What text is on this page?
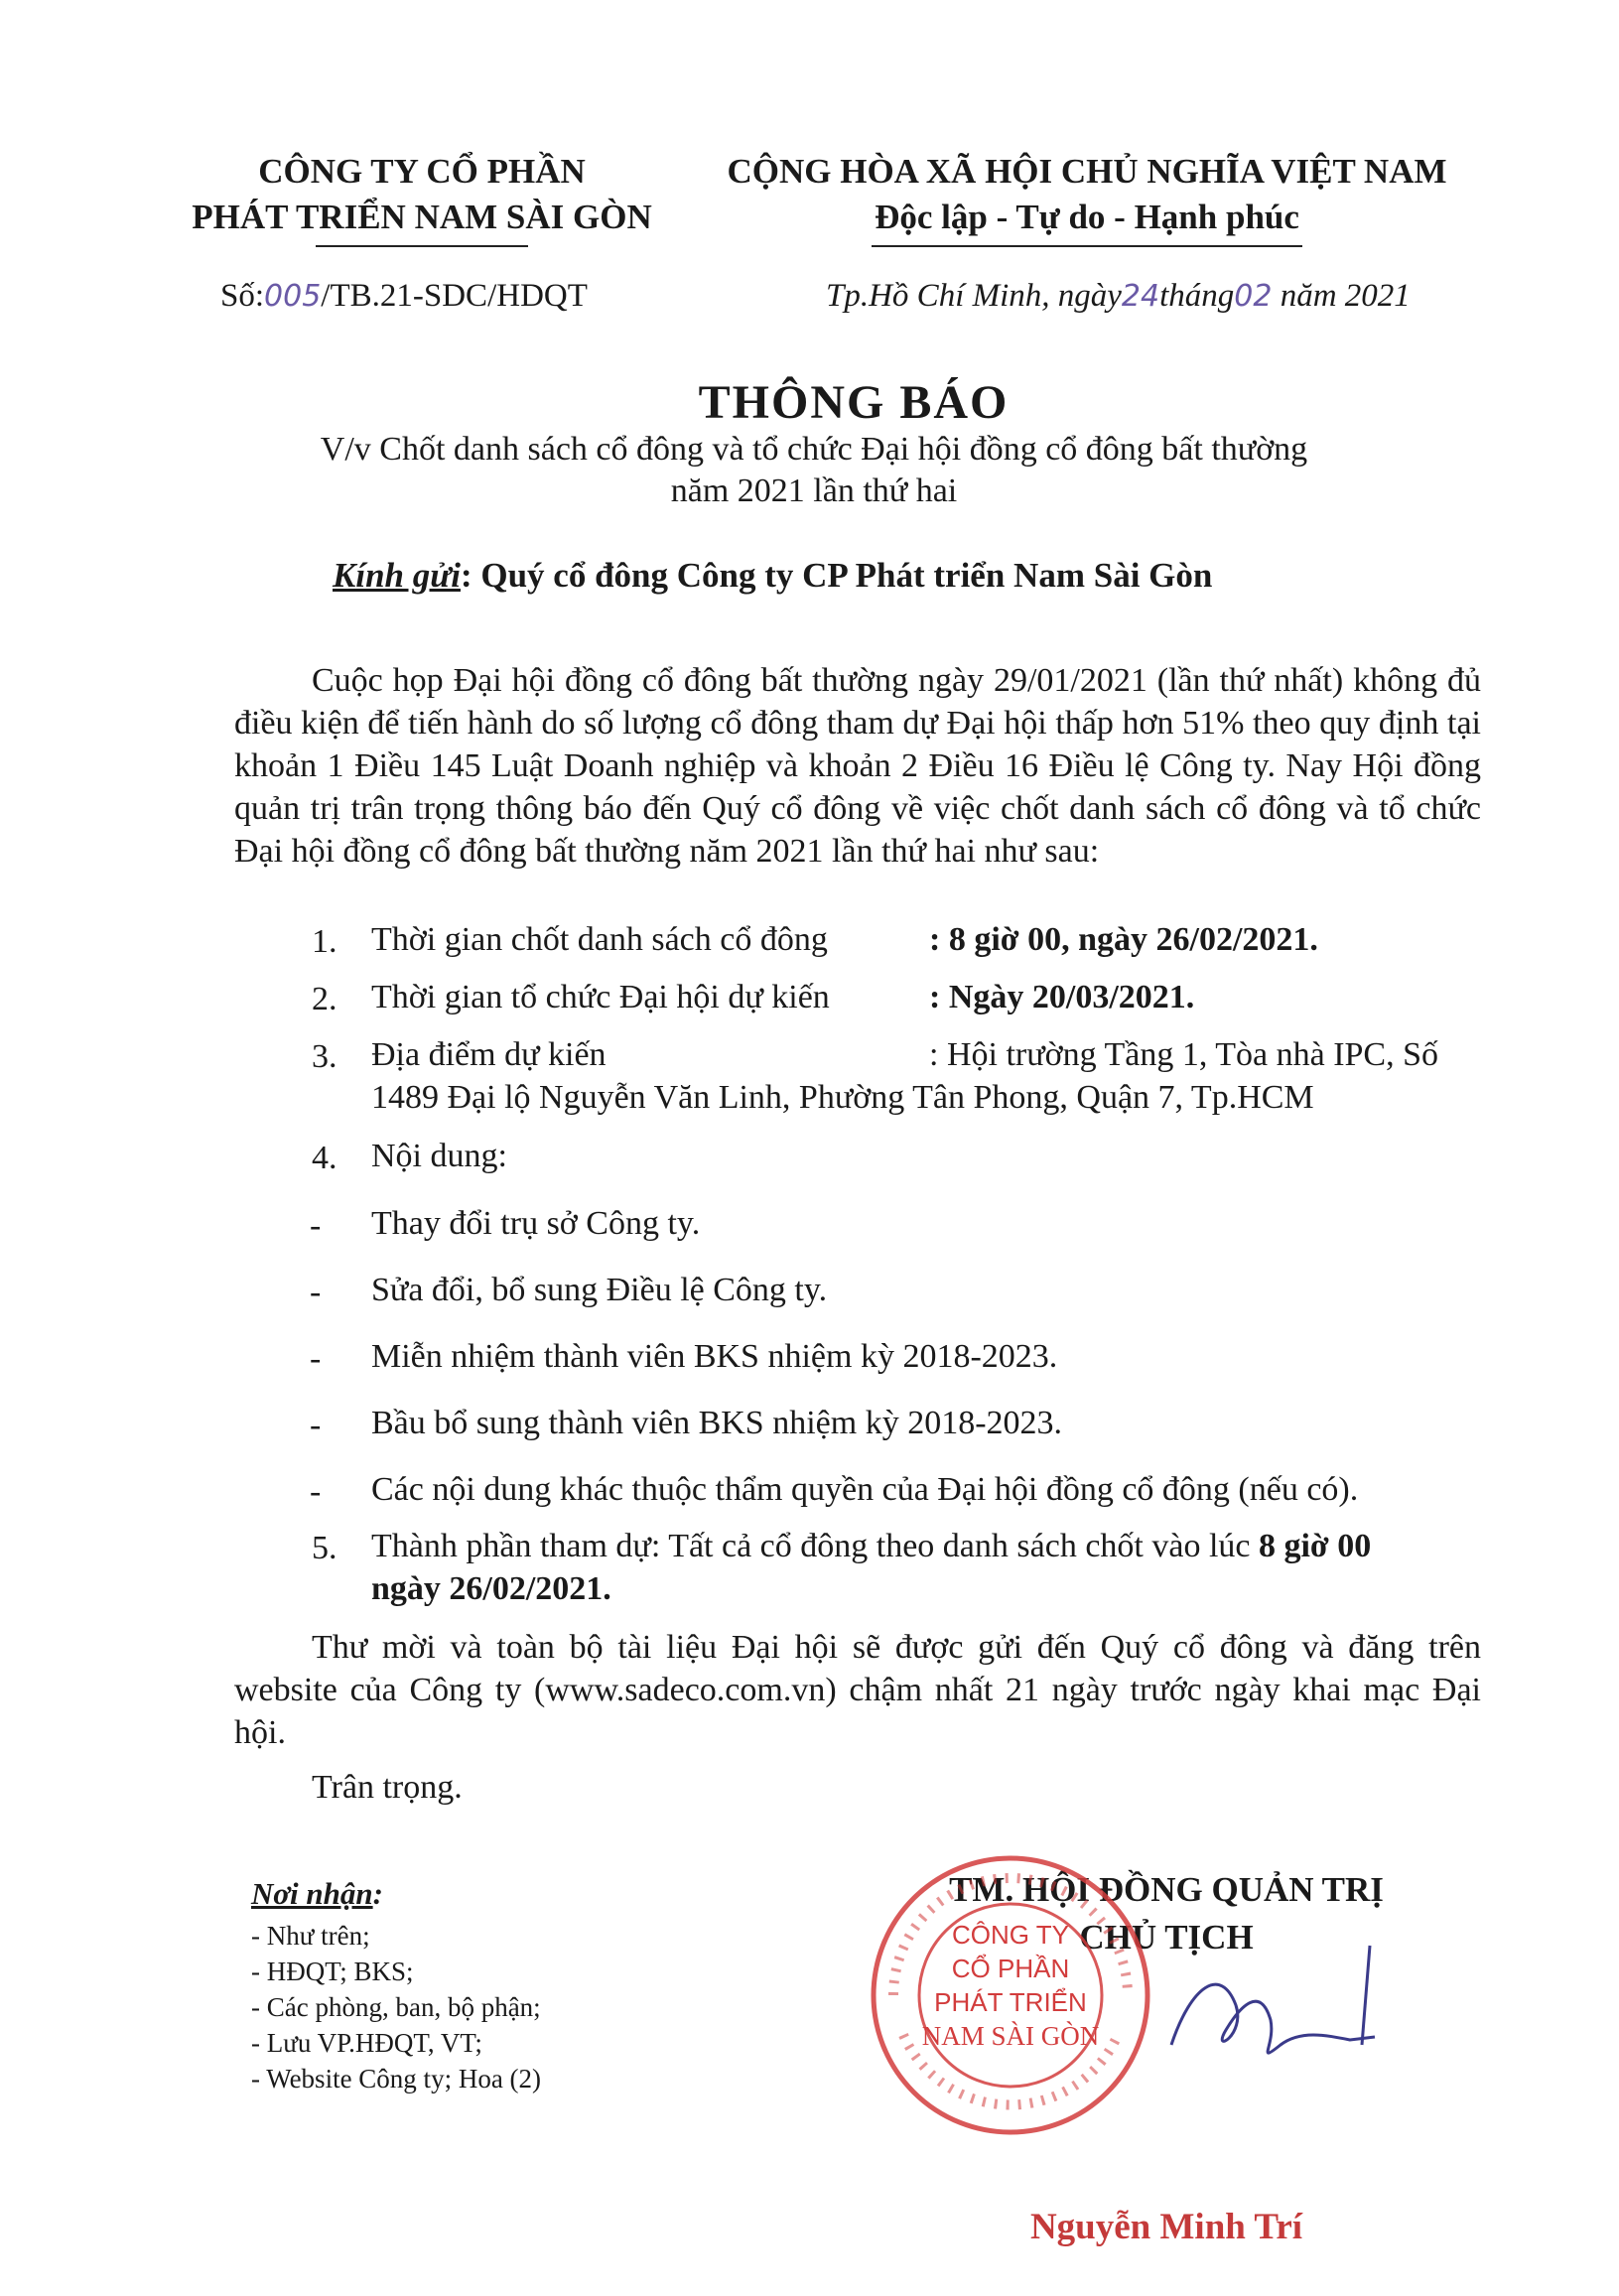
CÔNG TY CỔ PHẦN
PHÁT TRIỂN NAM SÀI GÒN
CỘNG HÒA XÃ HỘI CHỦ NGHĨA VIỆT NAM
Độc lập - Tự do - Hạnh phúc
Số:005/TB.21-SDC/HDQT	Tp.Hồ Chí Minh, ngày24tháng02 năm 2021
THÔNG BÁO
V/v Chốt danh sách cổ đông và tổ chức Đại hội đồng cổ đông bất thường
năm 2021 lần thứ hai
Kính gửi: Quý cổ đông Công ty CP Phát triển Nam Sài Gòn
Cuộc họp Đại hội đồng cổ đông bất thường ngày 29/01/2021 (lần thứ nhất) không đủ điều kiện để tiến hành do số lượng cổ đông tham dự Đại hội thấp hơn 51% theo quy định tại khoản 1 Điều 145 Luật Doanh nghiệp và khoản 2 Điều 16 Điều lệ Công ty. Nay Hội đồng quản trị trân trọng thông báo đến Quý cổ đông về việc chốt danh sách cổ đông và tổ chức Đại hội đồng cổ đông bất thường năm 2021 lần thứ hai như sau:
1. Thời gian chốt danh sách cổ đông	: 8 giờ 00, ngày 26/02/2021.
2. Thời gian tổ chức Đại hội dự kiến	: Ngày 20/03/2021.
3. Địa điểm dự kiến	: Hội trường Tầng 1, Tòa nhà IPC, Số
1489 Đại lộ Nguyễn Văn Linh, Phường Tân Phong, Quận 7, Tp.HCM
4. Nội dung:
- Thay đổi trụ sở Công ty.
- Sửa đổi, bổ sung Điều lệ Công ty.
- Miễn nhiệm thành viên BKS nhiệm kỳ 2018-2023.
- Bầu bổ sung thành viên BKS nhiệm kỳ 2018-2023.
- Các nội dung khác thuộc thẩm quyền của Đại hội đồng cổ đông (nếu có).
5. Thành phần tham dự: Tất cả cổ đông theo danh sách chốt vào lúc 8 giờ 00
ngày 26/02/2021.
Thư mời và toàn bộ tài liệu Đại hội sẽ được gửi đến Quý cổ đông và đăng trên website của Công ty (www.sadeco.com.vn) chậm nhất 21 ngày trước ngày khai mạc Đại hội.
Trân trọng.
Nơi nhận:
- Như trên;
- HĐQT; BKS;
- Các phòng, ban, bộ phận;
- Lưu VP.HĐQT, VT;
- Website Công ty; Hoa (2)
TM. HỘI ĐỒNG QUẢN TRỊ
CHỦ TỊCH
CÔNG TY
CỔ PHẦN
PHÁT TRIỂN
NAM SÀI GÒN
Nguyễn Minh Trí
